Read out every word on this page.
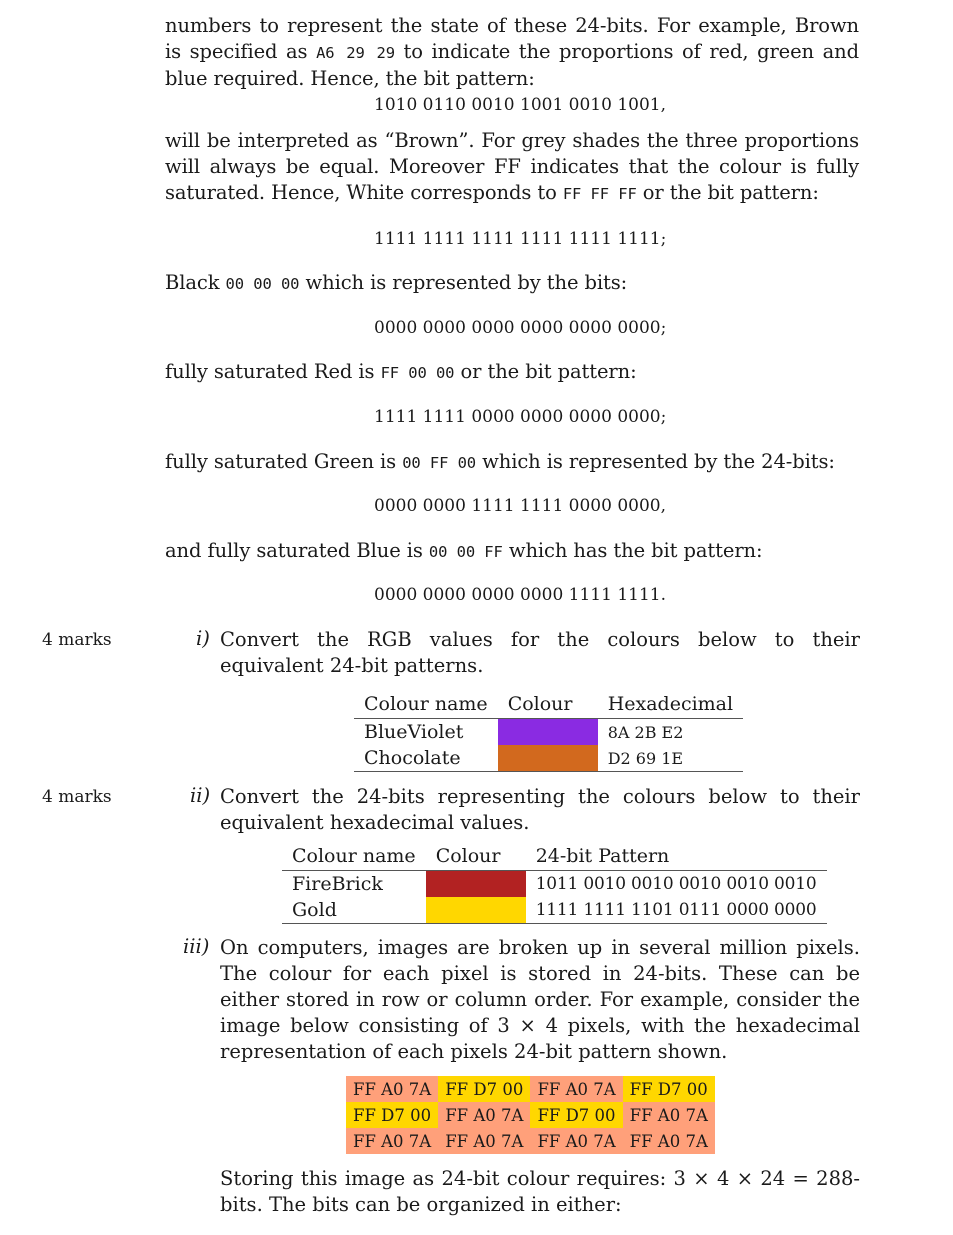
numbers to represent the state of these 24-bits. For example, Brown is specified as A6 29 29 to indicate the proportions of red, green and blue required. Hence, the bit pattern:

1010 0110 0010 1001 0010 1001,

will be interpreted as “Brown”. For grey shades the three proportions will always be equal. Moreover FF indicates that the colour is fully saturated. Hence, White corresponds to FF FF FF or the bit pattern:

1111 1111 1111 1111 1111 1111;

Black 00 00 00 which is represented by the bits:

0000 0000 0000 0000 0000 0000;

fully saturated Red is FF 00 00 or the bit pattern:

1111 1111 0000 0000 0000 0000;

fully saturated Green is 00 FF 00 which is represented by the 24-bits:

0000 0000 1111 1111 0000 0000,

and fully saturated Blue is 00 00 FF which has the bit pattern:

0000 0000 0000 0000 1111 1111.
4 marks	i) Convert the RGB values for the colours below to their equivalent 24-bit patterns.

Colour name	Colour	Hexadecimal
BlueViolet		8A 2B E2
Chocolate		D2 69 1E
4 marks	ii) Convert the 24-bits representing the colours below to their equivalent hexadecimal values.

Colour name	Colour	24-bit Pattern
FireBrick		1011 0010 0010 0010 0010 0010
Gold		1111 1111 1101 0111 0000 0000
iii) On computers, images are broken up in several million pixels. The colour for each pixel is stored in 24-bits. These can be either stored in row or column order. For example, consider the image below consisting of 3 × 4 pixels, with the hexadecimal representation of each pixels 24-bit pattern shown.

FF A0 7A	FF D7 00	FF A0 7A	FF D7 00
FF D7 00	FF A0 7A	FF D7 00	FF A0 7A
FF A0 7A	FF A0 7A	FF A0 7A	FF A0 7A

Storing this image as 24-bit colour requires: 3 × 4 × 24 = 288-bits. The bits can be organized in either:
